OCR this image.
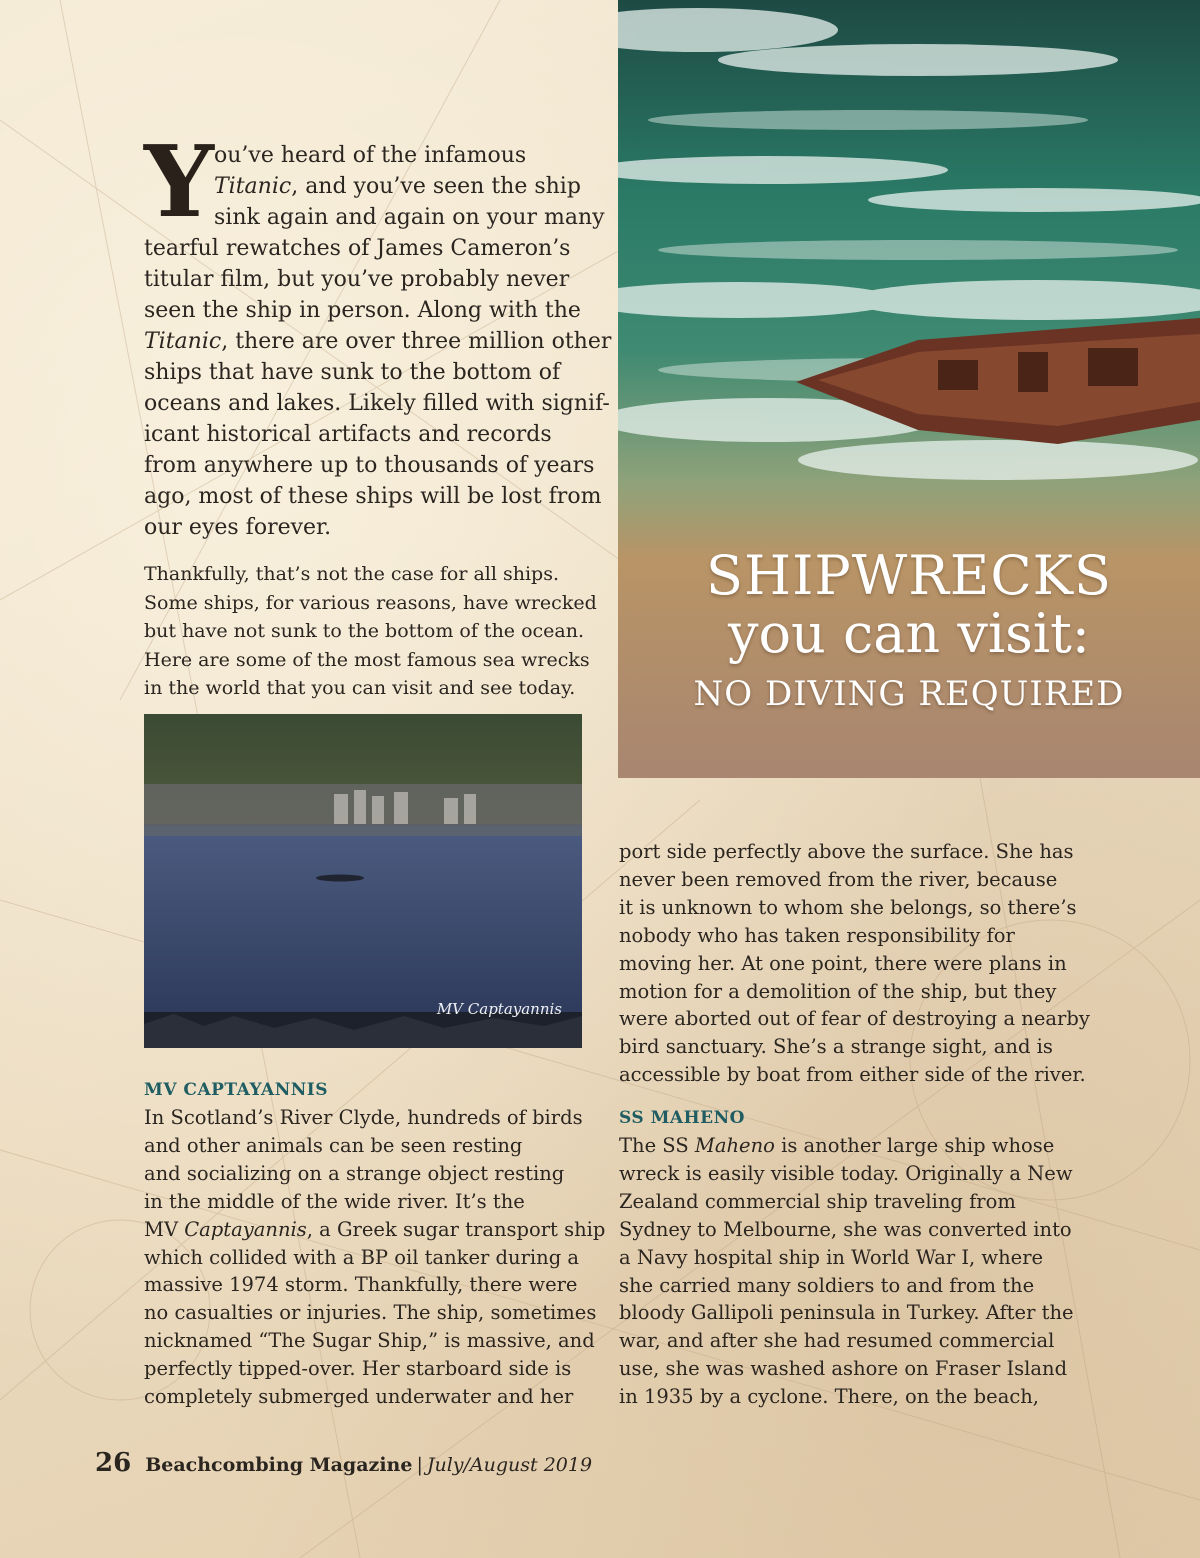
SHIPWRECKS
you can visit:
NO DIVING REQUIRED
Y ou’ve heard of the infamous
Titanic, and you’ve seen the ship
sink again and again on your many
tearful rewatches of James Cameron’s
titular film, but you’ve probably never
seen the ship in person. Along with the
Titanic, there are over three million other
ships that have sunk to the bottom of
oceans and lakes. Likely filled with signif-
icant historical artifacts and records
from anywhere up to thousands of years
ago, most of these ships will be lost from
our eyes forever.
Thankfully, that’s not the case for all ships.
Some ships, for various reasons, have wrecked
but have not sunk to the bottom of the ocean.
Here are some of the most famous sea wrecks
in the world that you can visit and see today.
MV Captayannis
MV CAPTAYANNIS
In Scotland’s River Clyde, hundreds of birds
and other animals can be seen resting
and socializing on a strange object resting
in the middle of the wide river. It’s the
MV Captayannis, a Greek sugar transport ship
which collided with a BP oil tanker during a
massive 1974 storm. Thankfully, there were
no casualties or injuries. The ship, sometimes
nicknamed “The Sugar Ship,” is massive, and
perfectly tipped-over. Her starboard side is
completely submerged underwater and her
port side perfectly above the surface. She has
never been removed from the river, because
it is unknown to whom she belongs, so there’s
nobody who has taken responsibility for
moving her. At one point, there were plans in
motion for a demolition of the ship, but they
were aborted out of fear of destroying a nearby
bird sanctuary. She’s a strange sight, and is
accessible by boat from either side of the river.
SS MAHENO
The SS Maheno is another large ship whose
wreck is easily visible today. Originally a New
Zealand commercial ship traveling from
Sydney to Melbourne, she was converted into
a Navy hospital ship in World War I, where
she carried many soldiers to and from the
bloody Gallipoli peninsula in Turkey. After the
war, and after she had resumed commercial
use, she was washed ashore on Fraser Island
in 1935 by a cyclone. There, on the beach,
26 Beachcombing Magazine | July/August 2019
